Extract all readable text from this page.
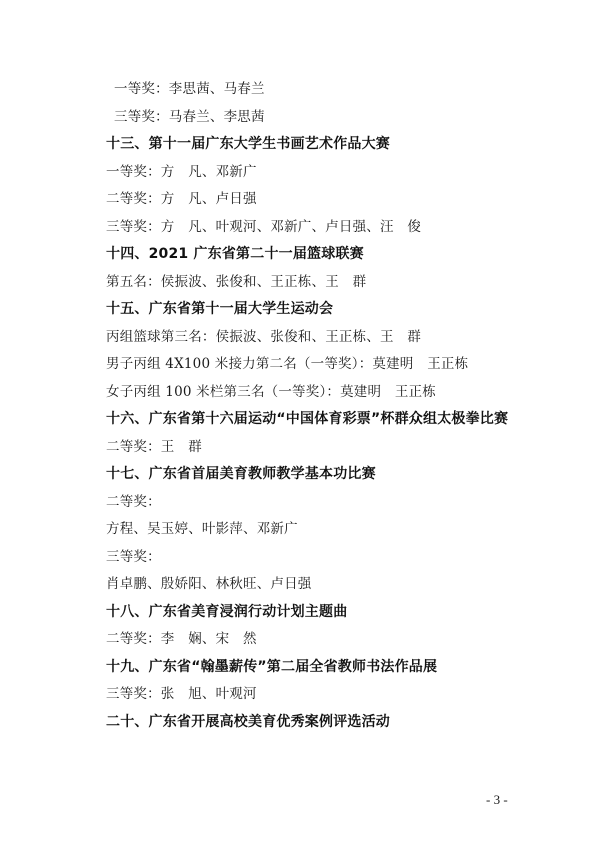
一等奖：李思茜、马春兰
三等奖：马春兰、李思茜
十三、第十一届广东大学生书画艺术作品大赛
一等奖：方　凡、邓新广
二等奖：方　凡、卢日强
三等奖：方　凡、叶观河、邓新广、卢日强、汪　俊
十四、2021 广东省第二十一届篮球联赛
第五名：侯振波、张俊和、王正栋、王　群
十五、广东省第十一届大学生运动会
丙组篮球第三名：侯振波、张俊和、王正栋、王　群
男子丙组 4X100 米接力第二名（一等奖）：莫建明　王正栋
女子丙组 100 米栏第三名（一等奖）：莫建明　王正栋
十六、广东省第十六届运动“中国体育彩票”杯群众组太极拳比赛
二等奖：王　群
十七、广东省首届美育教师教学基本功比赛
二等奖：
方程、吴玉婷、叶影萍、邓新广
三等奖：
肖卓鹏、殷娇阳、林秋旺、卢日强
十八、广东省美育浸润行动计划主题曲
二等奖：李　娴、宋　然
十九、广东省“翰墨薪传”第二届全省教师书法作品展
三等奖：张　旭、叶观河
二十、广东省开展高校美育优秀案例评选活动
- 3 -
